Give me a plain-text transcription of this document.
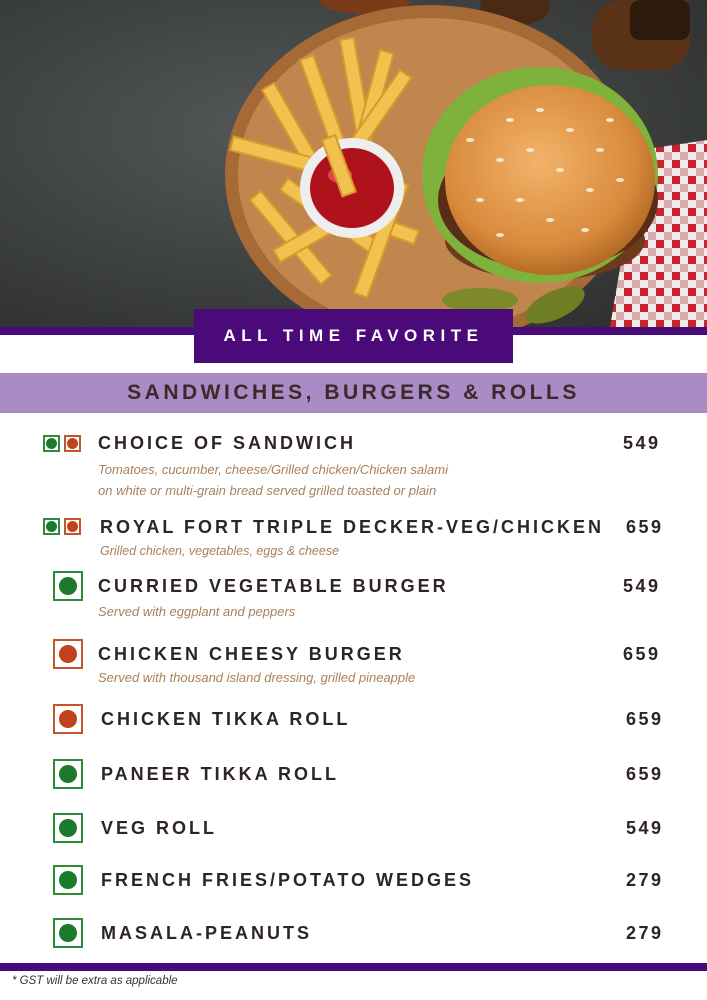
ALL TIME FAVORITE
SANDWICHES, BURGERS & ROLLS
CHOICE OF SANDWICH	549
Tomatoes, cucumber, cheese/Grilled chicken/Chicken salami
on white or multi-grain bread served grilled toasted or plain
ROYAL FORT TRIPLE DECKER-VEG/CHICKEN 659
Grilled chicken, vegetables, eggs & cheese
CURRIED VEGETABLE BURGER	549
Served with eggplant and peppers
CHICKEN CHEESY BURGER	659
Served with thousand island dressing, grilled pineapple
CHICKEN TIKKA ROLL	659
PANEER TIKKA ROLL	659
VEG ROLL	549
FRENCH FRIES/POTATO WEDGES	279
MASALA-PEANUTS	279
* GST will be extra as applicable
